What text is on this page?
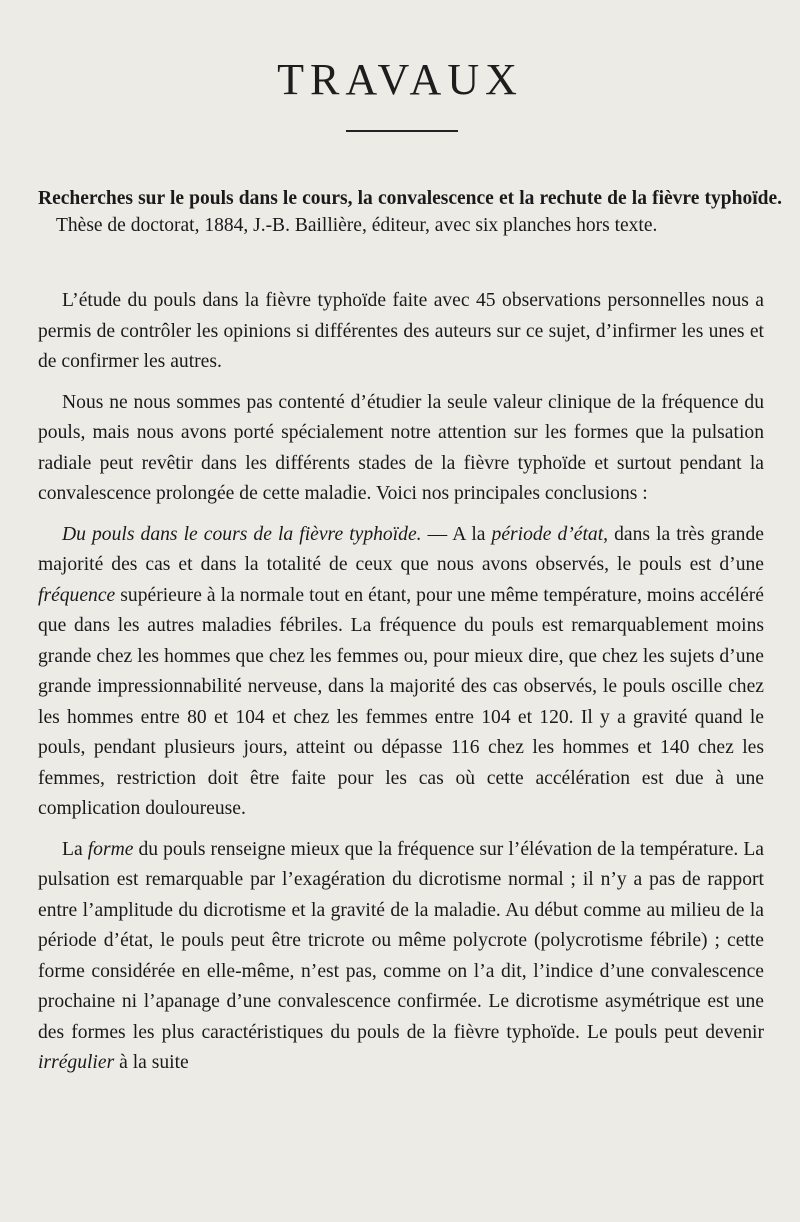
TRAVAUX
Recherches sur le pouls dans le cours, la convalescence et la rechute de la fièvre typhoïde. Thèse de doctorat, 1884, J.-B. Baillière, éditeur, avec six planches hors texte.

L’étude du pouls dans la fièvre typhoïde faite avec 45 observations personnelles nous a permis de contrôler les opinions si différentes des auteurs sur ce sujet, d’infirmer les unes et de confirmer les autres.

Nous ne nous sommes pas contenté d’étudier la seule valeur clinique de la fréquence du pouls, mais nous avons porté spécialement notre attention sur les formes que la pulsation radiale peut revêtir dans les différents stades de la fièvre typhoïde et surtout pendant la convalescence prolongée de cette maladie. Voici nos principales conclusions :

Du pouls dans le cours de la fièvre typhoïde. — A la période d’état, dans la très grande majorité des cas et dans la totalité de ceux que nous avons observés, le pouls est d’une fréquence supérieure à la normale tout en étant, pour une même température, moins accéléré que dans les autres maladies fébriles. La fréquence du pouls est remarquablement moins grande chez les hommes que chez les femmes ou, pour mieux dire, que chez les sujets d’une grande impressionnabilité nerveuse, dans la majorité des cas observés, le pouls oscille chez les hommes entre 80 et 104 et chez les femmes entre 104 et 120. Il y a gravité quand le pouls, pendant plusieurs jours, atteint ou dépasse 116 chez les hommes et 140 chez les femmes, restriction doit être faite pour les cas où cette accélération est due à une complication douloureuse.

La forme du pouls renseigne mieux que la fréquence sur l’élévation de la température. La pulsation est remarquable par l’exagération du dicrotisme normal ; il n’y a pas de rapport entre l’amplitude du dicrotisme et la gravité de la maladie. Au début comme au milieu de la période d’état, le pouls peut être tricrote ou même polycrote (polycrotisme fébrile) ; cette forme considérée en elle-même, n’est pas, comme on l’a dit, l’indice d’une convalescence prochaine ni l’apanage d’une convalescence confirmée. Le dicrotisme asymétrique est une des formes les plus caractéristiques du pouls de la fièvre typhoïde. Le pouls peut devenir irrégulier à la suite
